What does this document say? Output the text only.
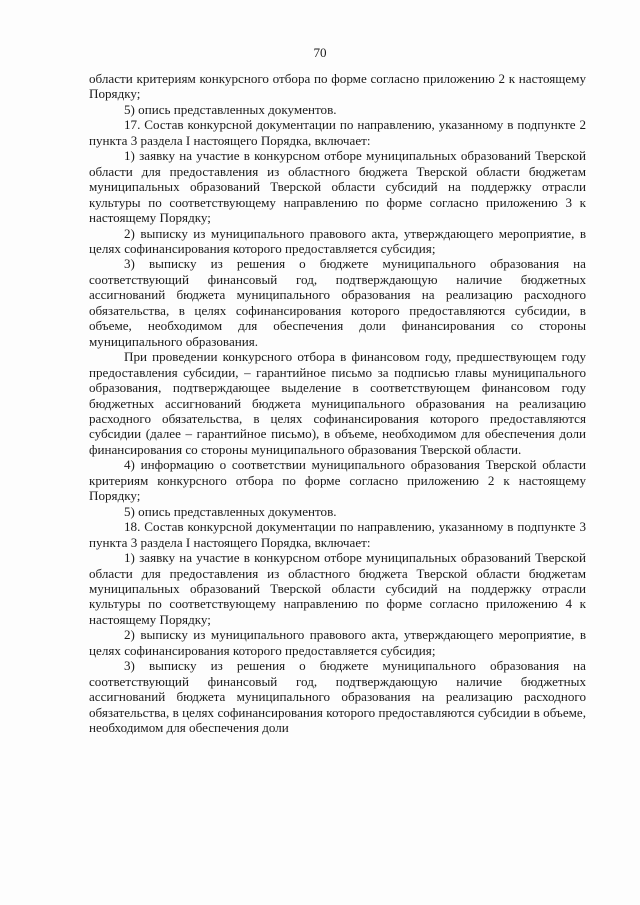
70

области критериям конкурсного отбора по форме согласно приложению 2 к настоящему Порядку;

5) опись представленных документов.

17. Состав конкурсной документации по направлению, указанному в подпункте 2 пункта 3 раздела I настоящего Порядка, включает:

1) заявку на участие в конкурсном отборе муниципальных образований Тверской области для предоставления из областного бюджета Тверской области бюджетам муниципальных образований Тверской области субсидий на поддержку отрасли культуры по соответствующему направлению по форме согласно приложению 3 к настоящему Порядку;

2) выписку из муниципального правового акта, утверждающего мероприятие, в целях софинансирования которого предоставляется субсидия;

3) выписку из решения о бюджете муниципального образования на соответствующий финансовый год, подтверждающую наличие бюджетных ассигнований бюджета муниципального образования на реализацию расходного обязательства, в целях софинансирования которого предоставляются субсидии, в объеме, необходимом для обеспечения доли финансирования со стороны муниципального образования.

При проведении конкурсного отбора в финансовом году, предшествующем году предоставления субсидии, – гарантийное письмо за подписью главы муниципального образования, подтверждающее выделение в соответствующем финансовом году бюджетных ассигнований бюджета муниципального образования на реализацию расходного обязательства, в целях софинансирования которого предоставляются субсидии (далее – гарантийное письмо), в объеме, необходимом для обеспечения доли финансирования со стороны муниципального образования Тверской области.

4) информацию о соответствии муниципального образования Тверской области критериям конкурсного отбора по форме согласно приложению 2 к настоящему Порядку;

5) опись представленных документов.

18. Состав конкурсной документации по направлению, указанному в подпункте 3 пункта 3 раздела I настоящего Порядка, включает:

1) заявку на участие в конкурсном отборе муниципальных образований Тверской области для предоставления из областного бюджета Тверской области бюджетам муниципальных образований Тверской области субсидий на поддержку отрасли культуры по соответствующему направлению по форме согласно приложению 4 к настоящему Порядку;

2) выписку из муниципального правового акта, утверждающего мероприятие, в целях софинансирования которого предоставляется субсидия;

3) выписку из решения о бюджете муниципального образования на соответствующий финансовый год, подтверждающую наличие бюджетных ассигнований бюджета муниципального образования на реализацию расходного обязательства, в целях софинансирования которого предоставляются субсидии в объеме, необходимом для обеспечения доли
